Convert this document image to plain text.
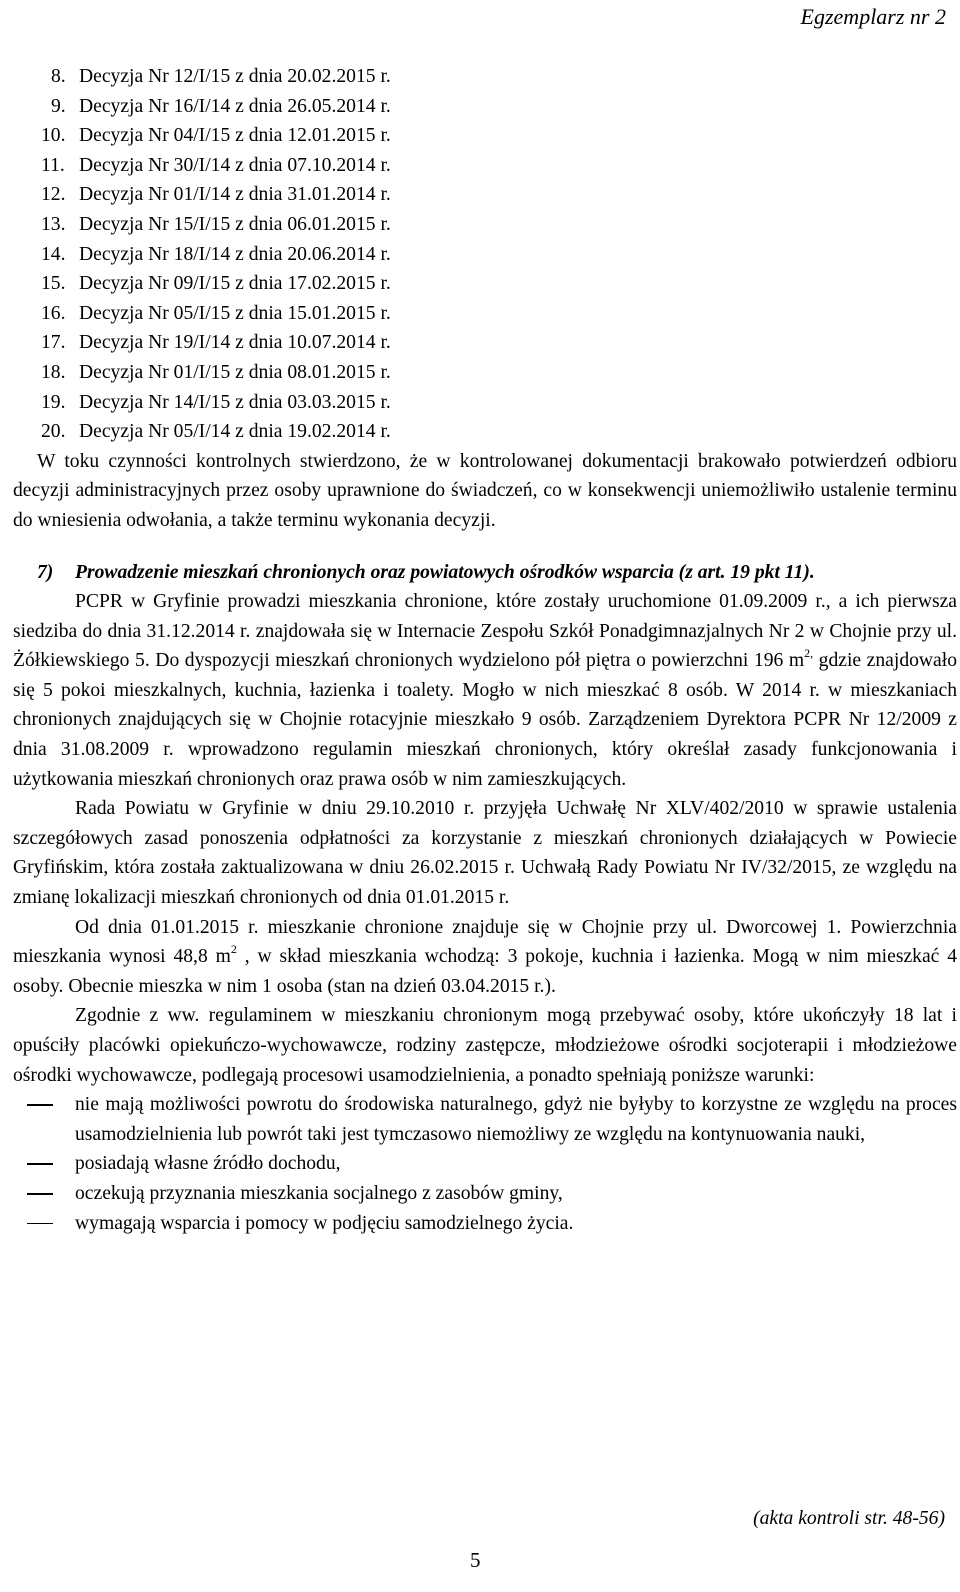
Egzemplarz nr 2
8. Decyzja Nr 12/I/15 z dnia 20.02.2015 r.
9. Decyzja Nr 16/I/14 z dnia 26.05.2014 r.
10. Decyzja Nr 04/I/15 z dnia 12.01.2015 r.
11. Decyzja Nr 30/I/14 z dnia 07.10.2014 r.
12. Decyzja Nr 01/I/14 z dnia 31.01.2014 r.
13. Decyzja Nr 15/I/15 z dnia 06.01.2015 r.
14. Decyzja Nr 18/I/14 z dnia 20.06.2014 r.
15. Decyzja Nr 09/I/15 z dnia 17.02.2015 r.
16. Decyzja Nr 05/I/15 z dnia 15.01.2015 r.
17. Decyzja Nr 19/I/14 z dnia 10.07.2014 r.
18. Decyzja Nr 01/I/15 z dnia 08.01.2015 r.
19. Decyzja Nr 14/I/15 z dnia 03.03.2015 r.
20. Decyzja Nr 05/I/14 z dnia 19.02.2014 r.

W toku czynności kontrolnych stwierdzono, że w kontrolowanej dokumentacji brakowało potwierdzeń odbioru decyzji administracyjnych przez osoby uprawnione do świadczeń, co w konsekwencji uniemożliwiło ustalenie terminu do wniesienia odwołania, a także terminu wykonania decyzji.

7)	Prowadzenie mieszkań chronionych oraz powiatowych ośrodków wsparcia (z art. 19 pkt 11).

PCPR w Gryfinie prowadzi mieszkania chronione, które zostały uruchomione 01.09.2009 r., a ich pierwsza siedziba do dnia 31.12.2014 r. znajdowała się w Internacie Zespołu Szkół Ponadgimnazjalnych Nr 2 w Chojnie przy ul. Żółkiewskiego 5. Do dyspozycji mieszkań chronionych wydzielono pół piętra o powierzchni 196 $m^{2,}$ gdzie znajdowało się 5 pokoi mieszkalnych, kuchnia, łazienka i toalety. Mogło w nich mieszkać 8 osób. W 2014 r. w mieszkaniach chronionych znajdujących się w Chojnie rotacyjnie mieszkało 9 osób. Zarządzeniem Dyrektora PCPR Nr 12/2009 z dnia 31.08.2009 r. wprowadzono regulamin mieszkań chronionych, który określał zasady funkcjonowania i użytkowania mieszkań chronionych oraz prawa osób w nim zamieszkujących.

Rada Powiatu w Gryfinie w dniu 29.10.2010 r. przyjęła Uchwałę Nr XLV/402/2010 w sprawie ustalenia szczegółowych zasad ponoszenia odpłatności za korzystanie z mieszkań chronionych działających w Powiecie Gryfińskim, która została zaktualizowana w dniu 26.02.2015 r. Uchwałą Rady Powiatu Nr IV/32/2015, ze względu na zmianę lokalizacji mieszkań chronionych od dnia 01.01.2015 r.

Od dnia 01.01.2015 r. mieszkanie chronione znajduje się w Chojnie przy ul. Dworcowej 1. Powierzchnia mieszkania wynosi 48,8 $m^2$ , w skład mieszkania wchodzą: 3 pokoje, kuchnia i łazienka. Mogą w nim mieszkać 4 osoby. Obecnie mieszka w nim 1 osoba (stan na dzień 03.04.2015 r.).

Zgodnie z ww. regulaminem w mieszkaniu chronionym mogą przebywać osoby, które ukończyły 18 lat i opuściły placówki opiekuńczo-wychowawcze, rodziny zastępcze, młodzieżowe ośrodki socjoterapii i młodzieżowe ośrodki wychowawcze, podlegają procesowi usamodzielnienia, a ponadto spełniają poniższe warunki:

nie mają możliwości powrotu do środowiska naturalnego, gdyż nie byłyby to korzystne ze względu na proces usamodzielnienia lub powrót taki jest tymczasowo niemożliwy ze względu na kontynuowania nauki,
posiadają własne źródło dochodu,
oczekują przyznania mieszkania socjalnego z zasobów gminy,
wymagają wsparcia i pomocy w podjęciu samodzielnego życia.
(akta kontroli str. 48-56)
5
